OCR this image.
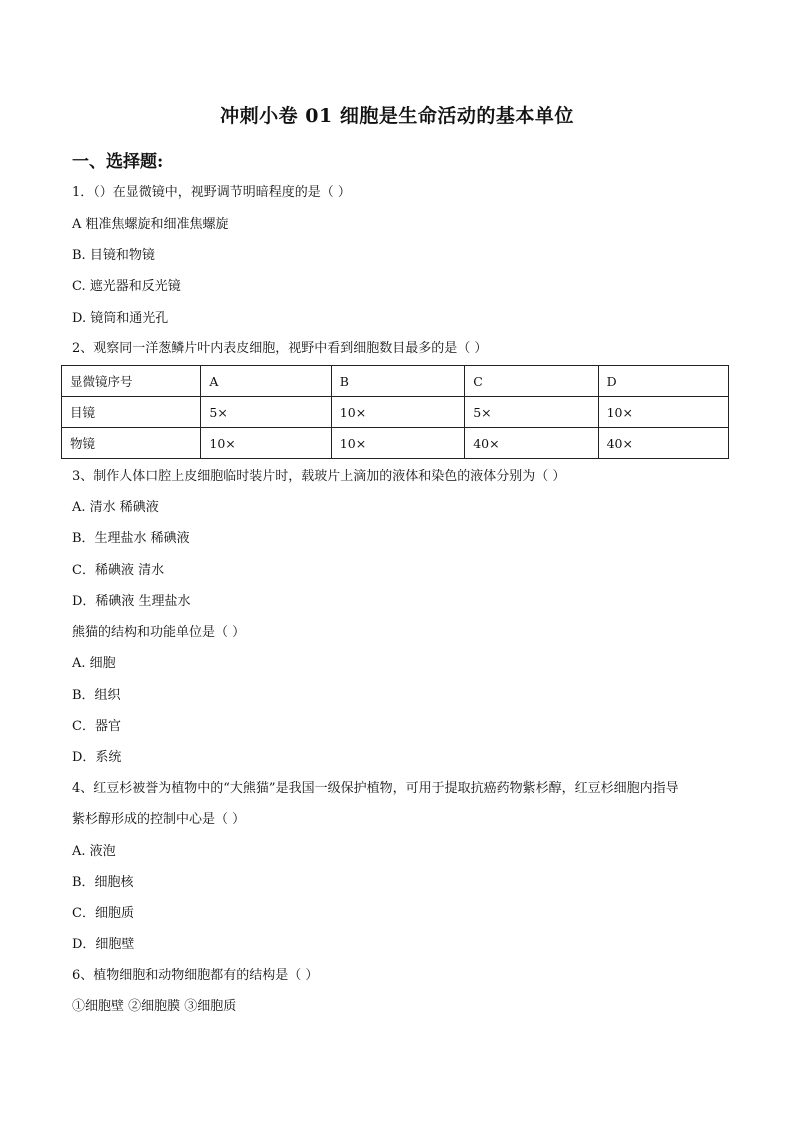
冲刺小卷 01 细胞是生命活动的基本单位
一、选择题:
1．（）在显微镜中，视野调节明暗程度的是（ ）
A 粗准焦螺旋和细准焦螺旋
B. 目镜和物镜
C. 遮光器和反光镜
D. 镜筒和通光孔
2、观察同一洋葱鳞片叶内表皮细胞，视野中看到细胞数目最多的是（ ）
显微镜序号	A	B	C	D
目镜	5×	10×	5×	10×
物镜	10×	10×	40×	40×
3、制作人体口腔上皮细胞临时装片时，载玻片上滴加的液体和染色的液体分别为（ ）
A. 清水 稀碘液
B．生理盐水 稀碘液
C．稀碘液 清水
D．稀碘液 生理盐水
熊猫的结构和功能单位是（ ）
A. 细胞
B．组织
C．器官
D．系统
4、红豆杉被誉为植物中的“大熊猫”是我国一级保护植物，可用于提取抗癌药物紫杉醇，红豆杉细胞内指导
紫杉醇形成的控制中心是（ ）
A. 液泡
B．细胞核
C．细胞质
D．细胞壁
6、植物细胞和动物细胞都有的结构是（ ）
①细胞壁 ②细胞膜 ③细胞质
